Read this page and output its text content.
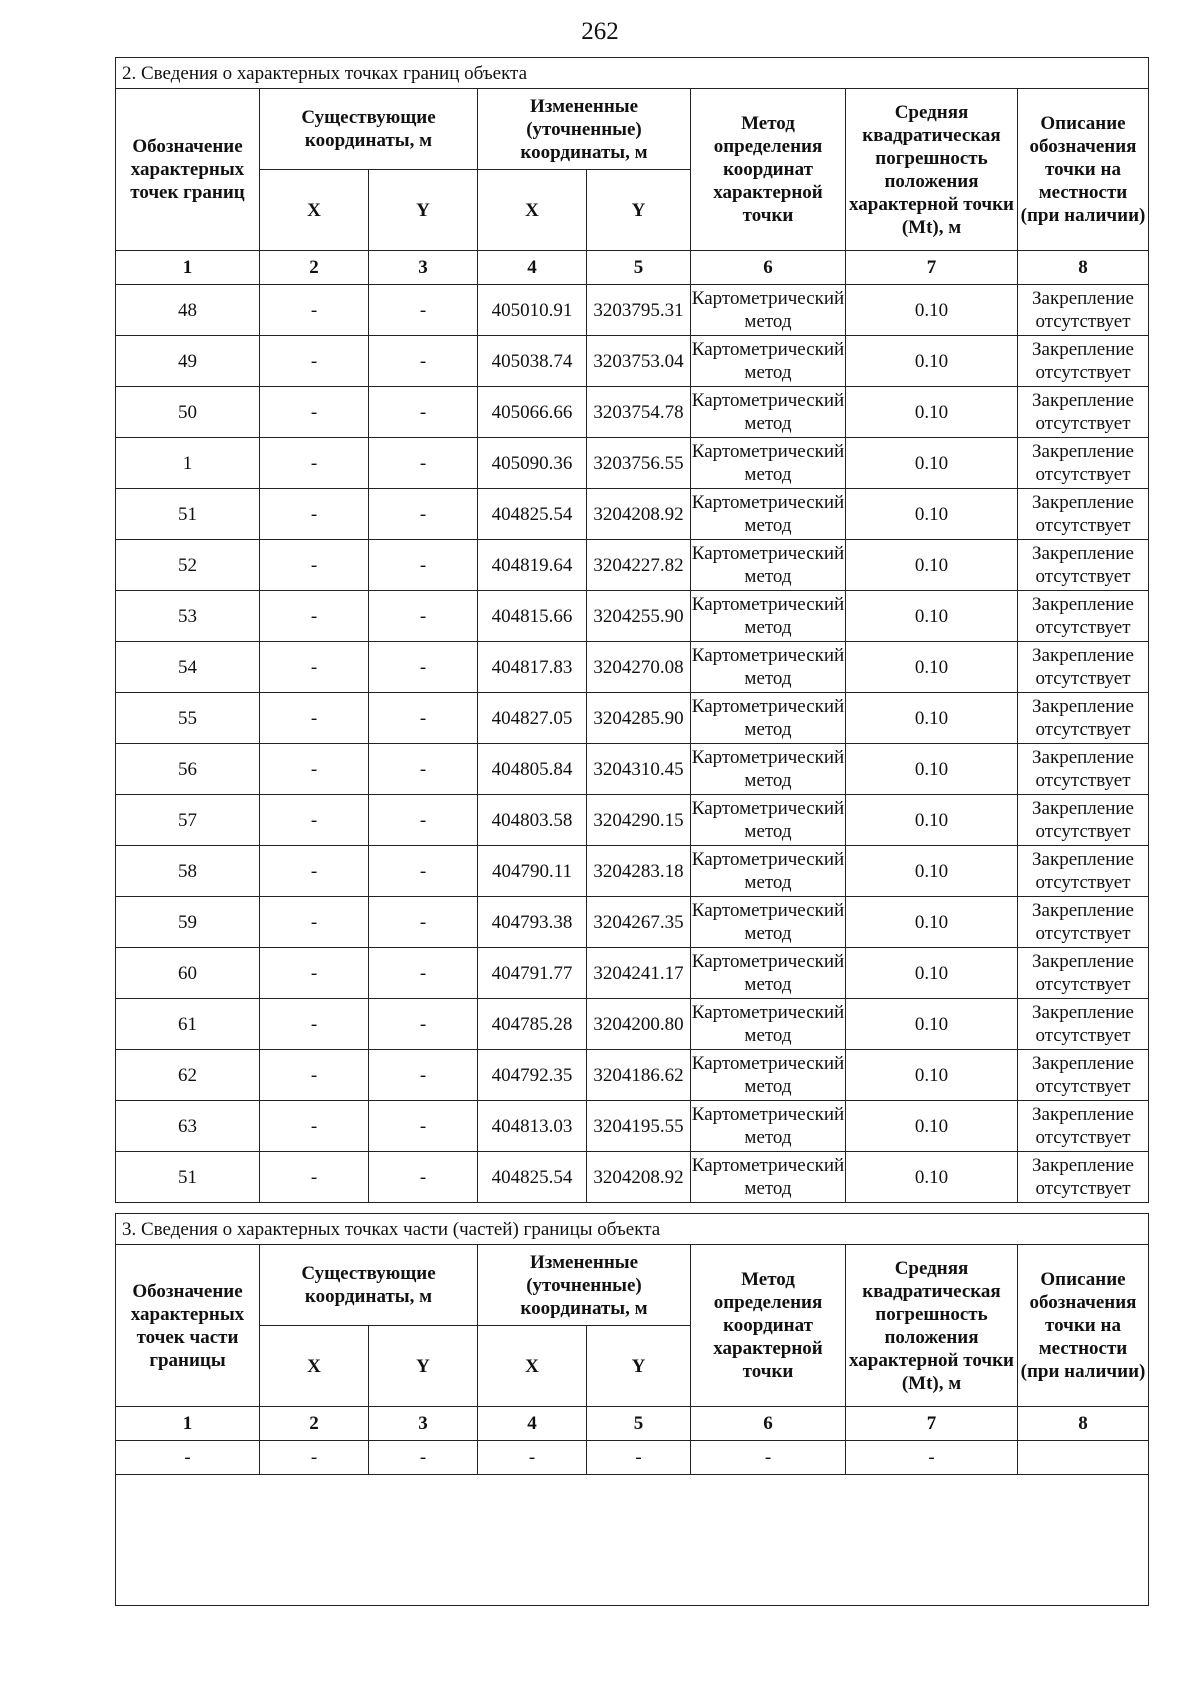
262
2. Сведения о характерных точках границ объекта							
Обозначение характерных точек границ	Существующие координаты, м		Измененные (уточненные) координаты, м		Метод определения координат характерной точки	Средняя квадратическая погрешность положения характерной точки (Mt), м	Описание обозначения точки на местности (при наличии)
	X	Y	X	Y			
1	2	3	4	5	6	7	8
48	-	-	405010.91	3203795.31	Картометрический метод	0.10	Закрепление отсутствует
49	-	-	405038.74	3203753.04	Картометрический метод	0.10	Закрепление отсутствует
50	-	-	405066.66	3203754.78	Картометрический метод	0.10	Закрепление отсутствует
1	-	-	405090.36	3203756.55	Картометрический метод	0.10	Закрепление отсутствует
51	-	-	404825.54	3204208.92	Картометрический метод	0.10	Закрепление отсутствует
52	-	-	404819.64	3204227.82	Картометрический метод	0.10	Закрепление отсутствует
53	-	-	404815.66	3204255.90	Картометрический метод	0.10	Закрепление отсутствует
54	-	-	404817.83	3204270.08	Картометрический метод	0.10	Закрепление отсутствует
55	-	-	404827.05	3204285.90	Картометрический метод	0.10	Закрепление отсутствует
56	-	-	404805.84	3204310.45	Картометрический метод	0.10	Закрепление отсутствует
57	-	-	404803.58	3204290.15	Картометрический метод	0.10	Закрепление отсутствует
58	-	-	404790.11	3204283.18	Картометрический метод	0.10	Закрепление отсутствует
59	-	-	404793.38	3204267.35	Картометрический метод	0.10	Закрепление отсутствует
60	-	-	404791.77	3204241.17	Картометрический метод	0.10	Закрепление отсутствует
61	-	-	404785.28	3204200.80	Картометрический метод	0.10	Закрепление отсутствует
62	-	-	404792.35	3204186.62	Картометрический метод	0.10	Закрепление отсутствует
63	-	-	404813.03	3204195.55	Картометрический метод	0.10	Закрепление отсутствует
51	-	-	404825.54	3204208.92	Картометрический метод	0.10	Закрепление отсутствует
3. Сведения о характерных точках части (частей) границы объекта							
Обозначение характерных точек части границы	Существующие координаты, м		Измененные (уточненные) координаты, м		Метод определения координат характерной точки	Средняя квадратическая погрешность положения характерной точки (Mt), м	Описание обозначения точки на местности (при наличии)
	X	Y	X	Y			
1	2	3	4	5	6	7	8
-	-	-	-	-	-	-	
